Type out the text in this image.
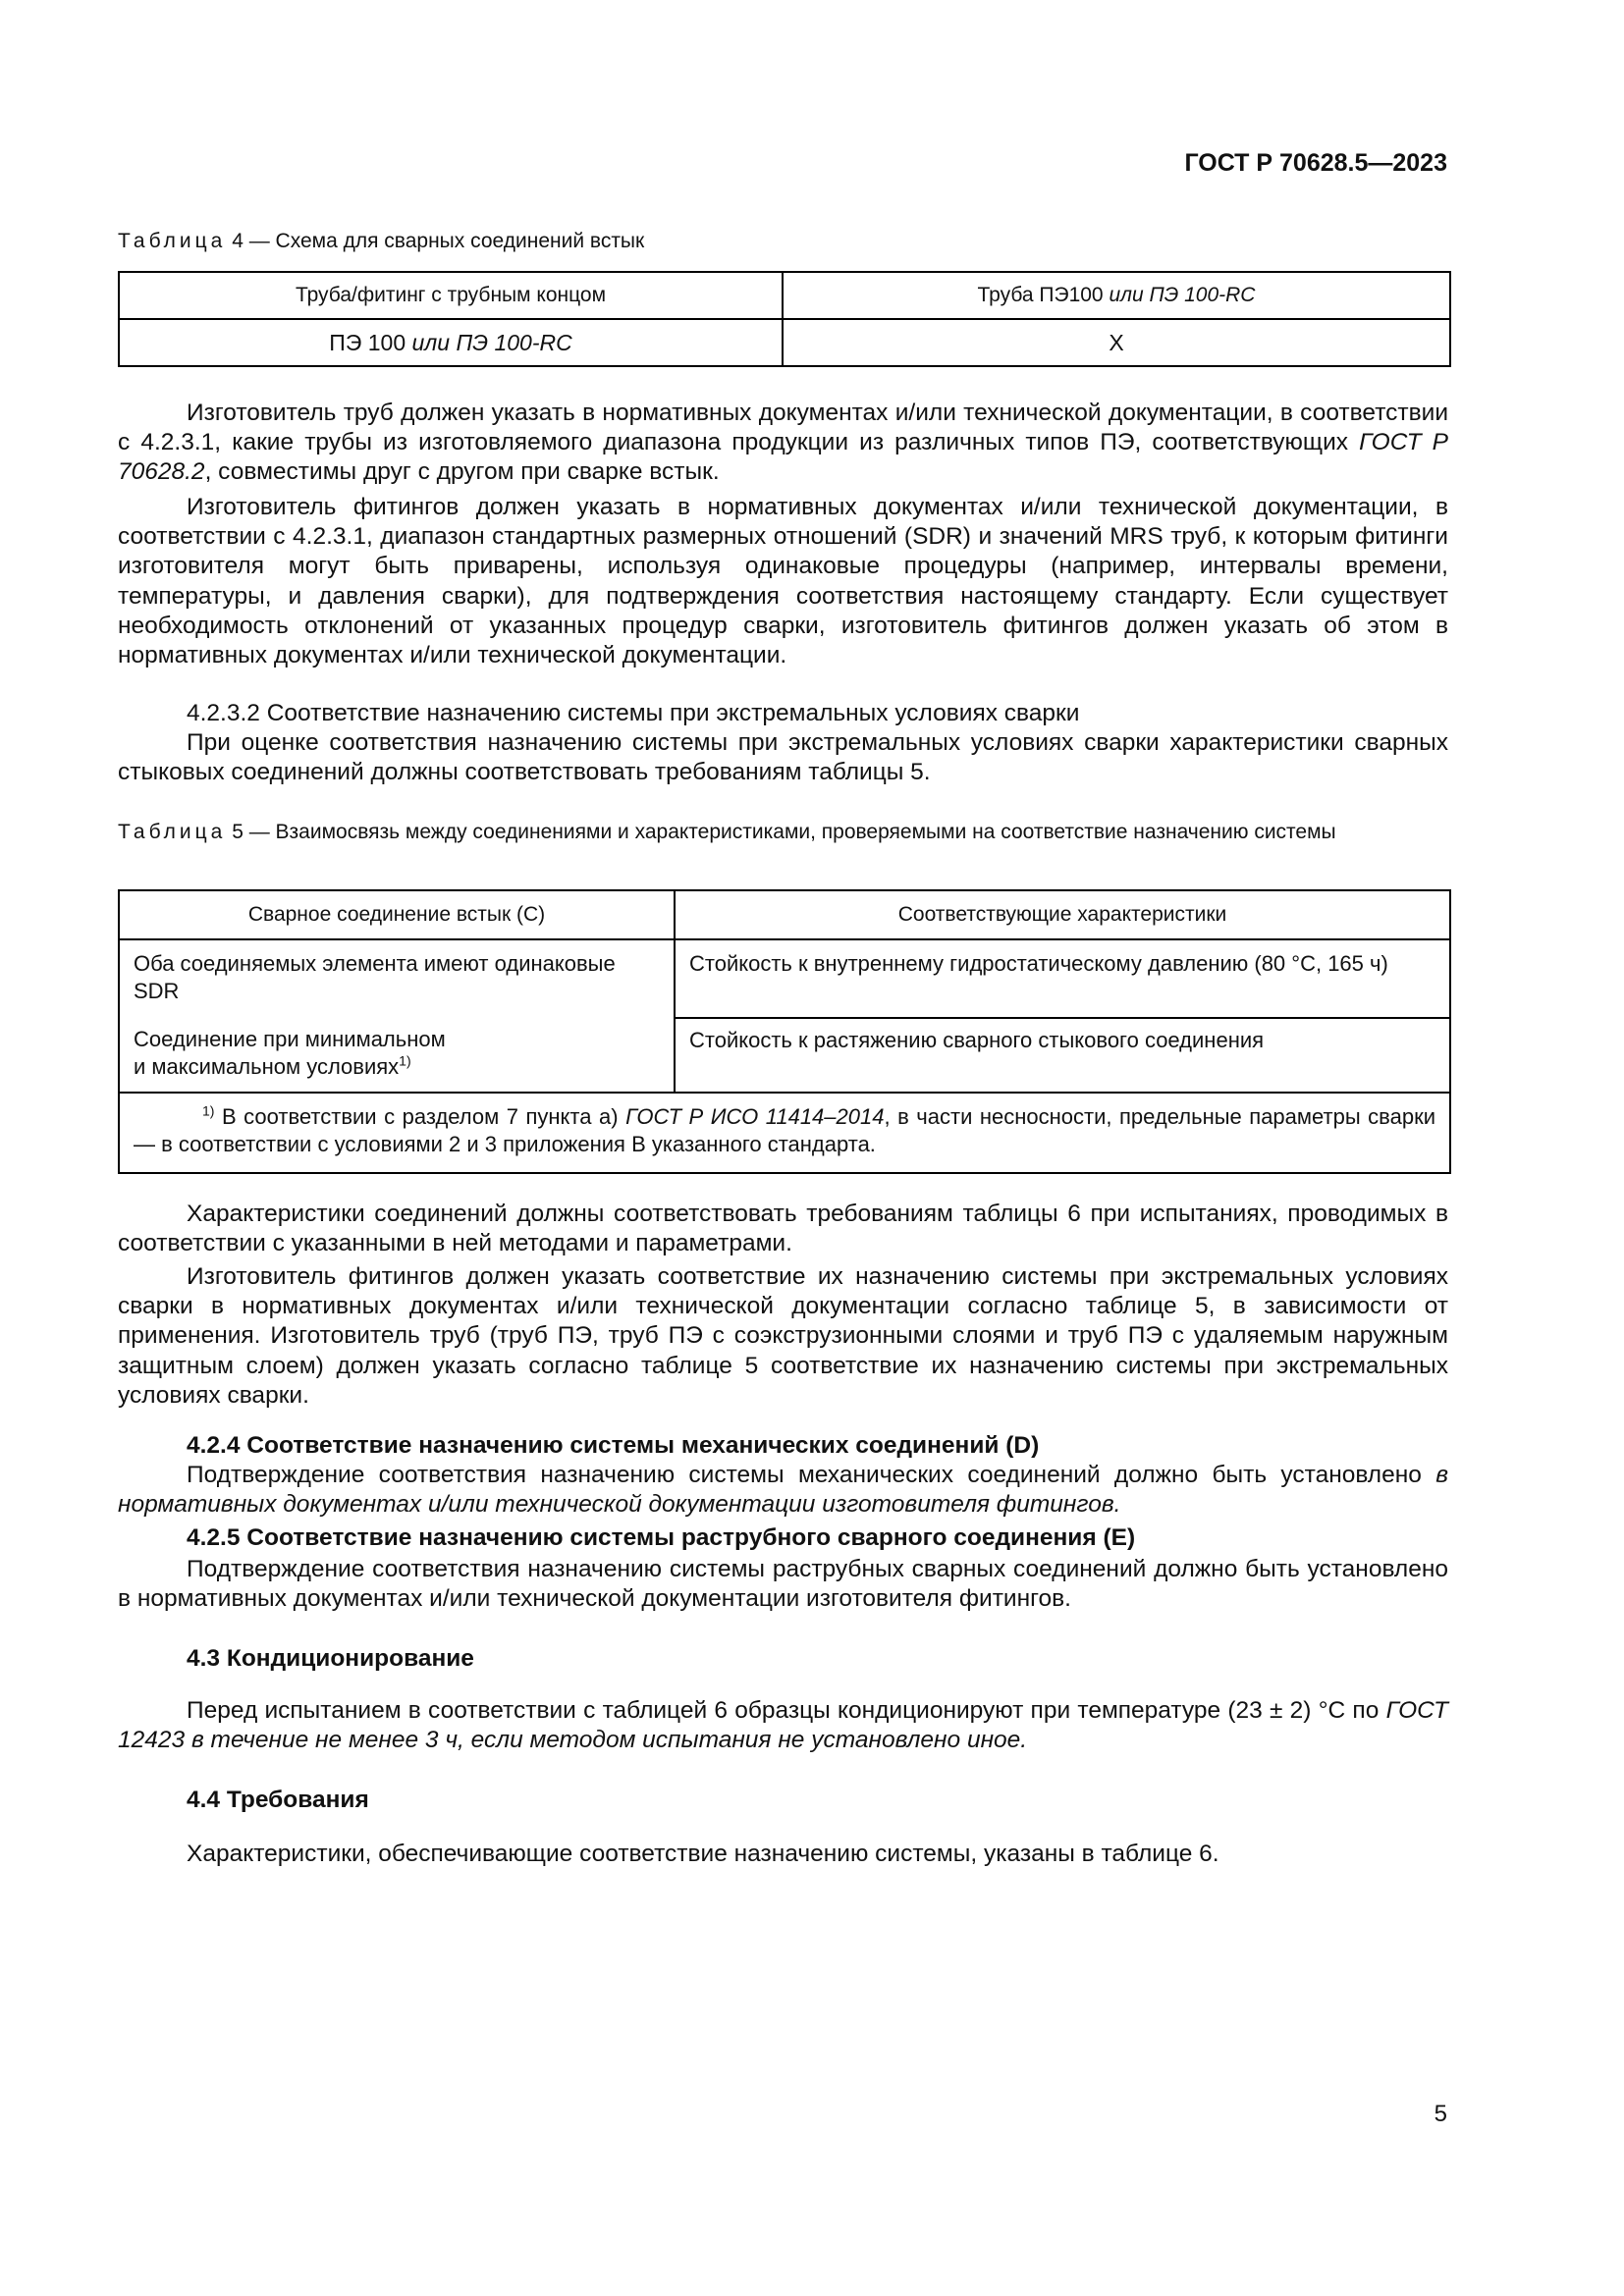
ГОСТ Р 70628.5—2023
Таблица 4 — Схема для сварных соединений встык
Труба/фитинг с трубным концом	Труба ПЭ100 или ПЭ 100-RC
ПЭ 100 или ПЭ 100-RC	X

Изготовитель труб должен указать в нормативных документах и/или технической документации, в соответствии с 4.2.3.1, какие трубы из изготовляемого диапазона продукции из различных типов ПЭ, соответствующих ГОСТ Р 70628.2, совместимы друг с другом при сварке встык.

Изготовитель фитингов должен указать в нормативных документах и/или технической документации, в соответствии с 4.2.3.1, диапазон стандартных размерных отношений (SDR) и значений MRS труб, к которым фитинги изготовителя могут быть приварены, используя одинаковые процедуры (например, интервалы времени, температуры, и давления сварки), для подтверждения соответствия настоящему стандарту. Если существует необходимость отклонений от указанных процедур сварки, изготовитель фитингов должен указать об этом в нормативных документах и/или технической документации.

4.2.3.2 Соответствие назначению системы при экстремальных условиях сварки

При оценке соответствия назначению системы при экстремальных условиях сварки характеристики сварных стыковых соединений должны соответствовать требованиям таблицы 5.

Таблица 5 — Взаимосвязь между соединениями и характеристиками, проверяемыми на соответствие назначению системы
Сварное соединение встык (С)	Соответствующие характеристики
Оба соединяемых элемента имеют одинаковые SDR	Стойкость к внутреннему гидростатическому давлению (80 °С, 165 ч)
Соединение при минимальном
и максимальном условиях$^{1)}$	Стойкость к растяжению сварного стыкового соединения
$^{1)}$ В соответствии с разделом 7 пункта а) ГОСТ Р ИСО 11414–2014, в части несносности, предельные параметры сварки — в соответствии с условиями 2 и 3 приложения В указанного стандарта.	

Характеристики соединений должны соответствовать требованиям таблицы 6 при испытаниях, проводимых в соответствии с указанными в ней методами и параметрами.

Изготовитель фитингов должен указать соответствие их назначению системы при экстремальных условиях сварки в нормативных документах и/или технической документации согласно таблице 5, в зависимости от применения. Изготовитель труб (труб ПЭ, труб ПЭ с соэкструзионными слоями и труб ПЭ с удаляемым наружным защитным слоем) должен указать согласно таблице 5 соответствие их назначению системы при экстремальных условиях сварки.

4.2.4 Соответствие назначению системы механических соединений (D)

Подтверждение соответствия назначению системы механических соединений должно быть установлено в нормативных документах и/или технической документации изготовителя фитингов.

4.2.5 Соответствие назначению системы раструбного сварного соединения (Е)

Подтверждение соответствия назначению системы раструбных сварных соединений должно быть установлено в нормативных документах и/или технической документации изготовителя фитингов.

4.3 Кондиционирование

Перед испытанием в соответствии с таблицей 6 образцы кондиционируют при температуре (23 ± 2) °С по ГОСТ 12423 в течение не менее 3 ч, если методом испытания не установлено иное.

4.4 Требования

Характеристики, обеспечивающие соответствие назначению системы, указаны в таблице 6.

5
